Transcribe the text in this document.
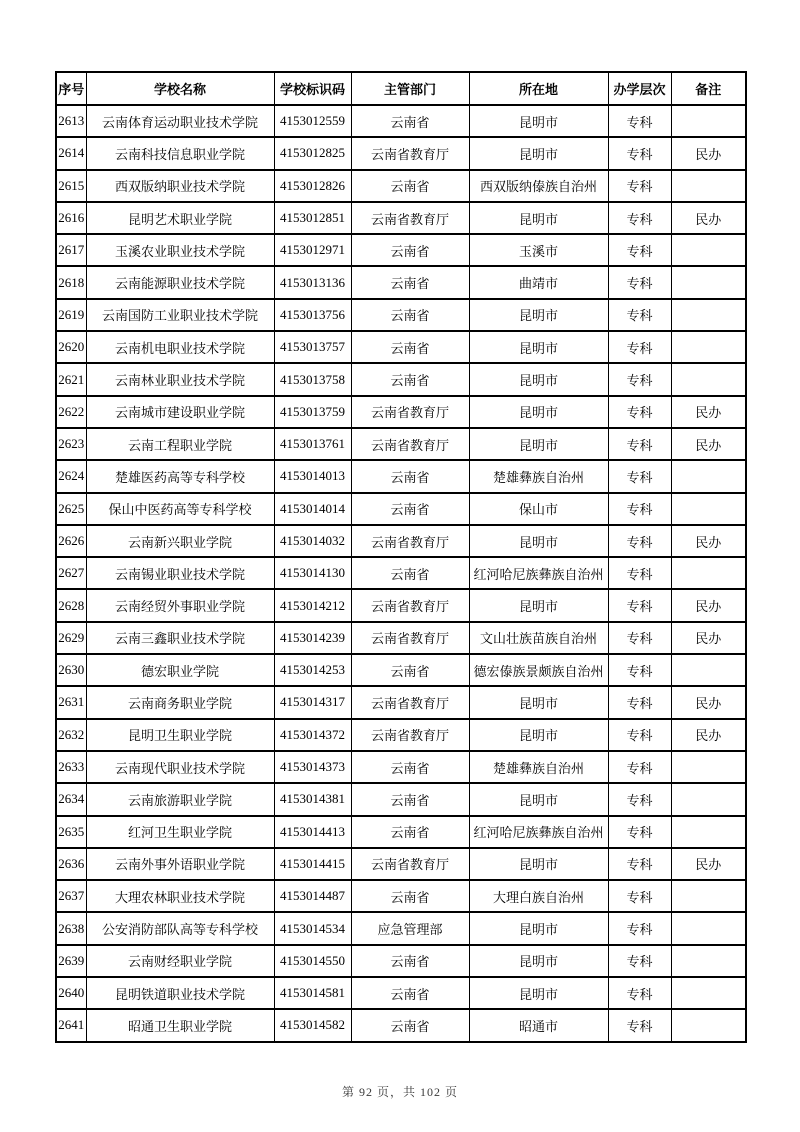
序号	学校名称	学校标识码	主管部门	所在地	办学层次	备注
2613	云南体育运动职业技术学院	4153012559	云南省	昆明市	专科	
2614	云南科技信息职业学院	4153012825	云南省教育厅	昆明市	专科	民办
2615	西双版纳职业技术学院	4153012826	云南省	西双版纳傣族自治州	专科	
2616	昆明艺术职业学院	4153012851	云南省教育厅	昆明市	专科	民办
2617	玉溪农业职业技术学院	4153012971	云南省	玉溪市	专科	
2618	云南能源职业技术学院	4153013136	云南省	曲靖市	专科	
2619	云南国防工业职业技术学院	4153013756	云南省	昆明市	专科	
2620	云南机电职业技术学院	4153013757	云南省	昆明市	专科	
2621	云南林业职业技术学院	4153013758	云南省	昆明市	专科	
2622	云南城市建设职业学院	4153013759	云南省教育厅	昆明市	专科	民办
2623	云南工程职业学院	4153013761	云南省教育厅	昆明市	专科	民办
2624	楚雄医药高等专科学校	4153014013	云南省	楚雄彝族自治州	专科	
2625	保山中医药高等专科学校	4153014014	云南省	保山市	专科	
2626	云南新兴职业学院	4153014032	云南省教育厅	昆明市	专科	民办
2627	云南锡业职业技术学院	4153014130	云南省	红河哈尼族彝族自治州	专科	
2628	云南经贸外事职业学院	4153014212	云南省教育厅	昆明市	专科	民办
2629	云南三鑫职业技术学院	4153014239	云南省教育厅	文山壮族苗族自治州	专科	民办
2630	德宏职业学院	4153014253	云南省	德宏傣族景颇族自治州	专科	
2631	云南商务职业学院	4153014317	云南省教育厅	昆明市	专科	民办
2632	昆明卫生职业学院	4153014372	云南省教育厅	昆明市	专科	民办
2633	云南现代职业技术学院	4153014373	云南省	楚雄彝族自治州	专科	
2634	云南旅游职业学院	4153014381	云南省	昆明市	专科	
2635	红河卫生职业学院	4153014413	云南省	红河哈尼族彝族自治州	专科	
2636	云南外事外语职业学院	4153014415	云南省教育厅	昆明市	专科	民办
2637	大理农林职业技术学院	4153014487	云南省	大理白族自治州	专科	
2638	公安消防部队高等专科学校	4153014534	应急管理部	昆明市	专科	
2639	云南财经职业学院	4153014550	云南省	昆明市	专科	
2640	昆明铁道职业技术学院	4153014581	云南省	昆明市	专科	
2641	昭通卫生职业学院	4153014582	云南省	昭通市	专科	
第 92 页，共 102 页
